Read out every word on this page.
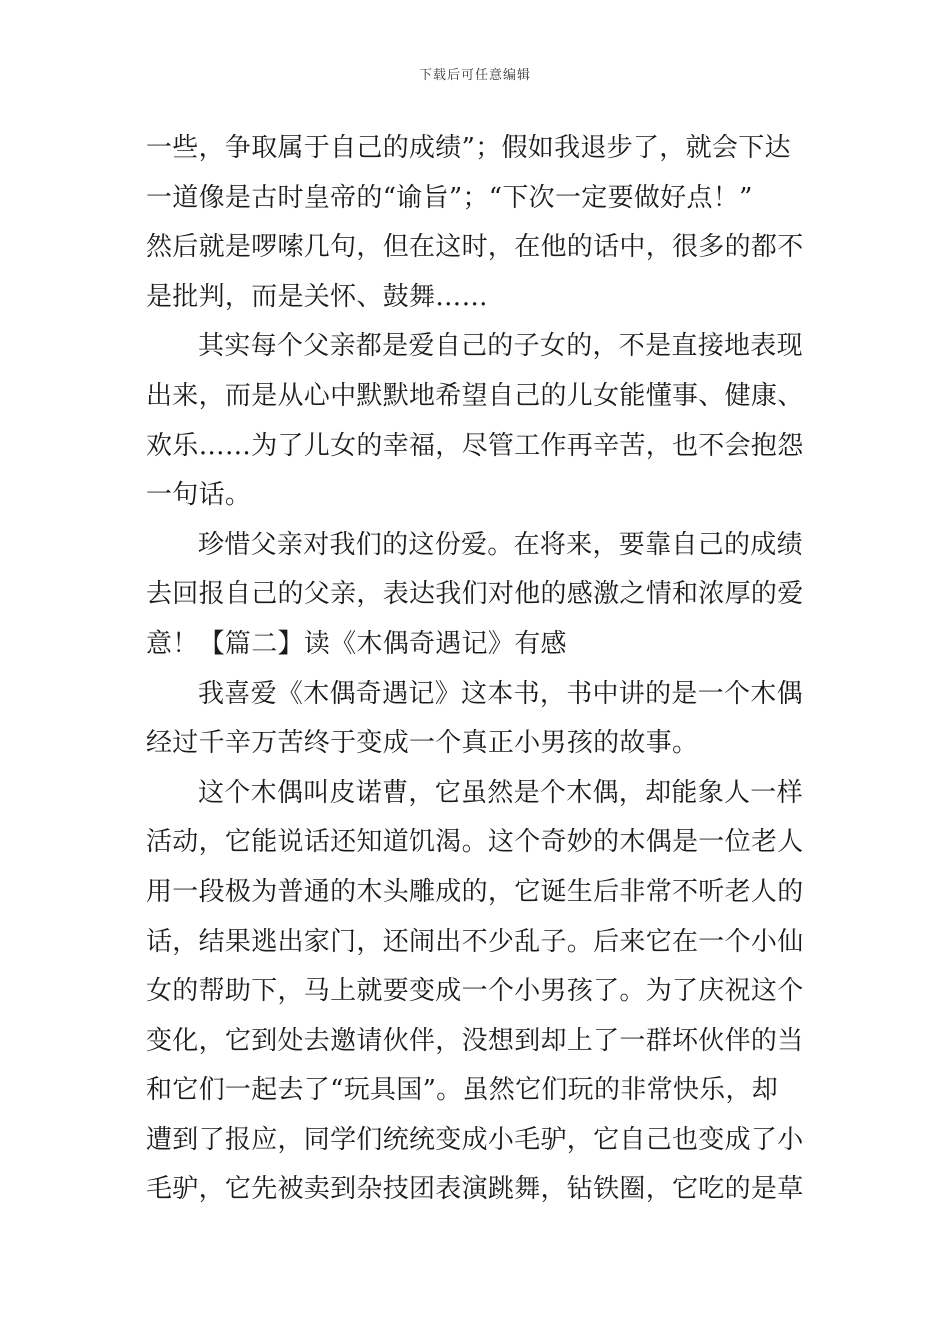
下载后可任意编辑
一些，争取属于自己的成绩”；假如我退步了，就会下达
一道像是古时皇帝的“谕旨”；“下次一定要做好点！”
然后就是啰嗦几句，但在这时，在他的话中，很多的都不
是批判，而是关怀、鼓舞……
其实每个父亲都是爱自己的子女的，不是直接地表现
出来，而是从心中默默地希望自己的儿女能懂事、健康、
欢乐……为了儿女的幸福，尽管工作再辛苦，也不会抱怨
一句话。
珍惜父亲对我们的这份爱。在将来，要靠自己的成绩
去回报自己的父亲，表达我们对他的感激之情和浓厚的爱
意！【篇二】读《木偶奇遇记》有感
我喜爱《木偶奇遇记》这本书，书中讲的是一个木偶
经过千辛万苦终于变成一个真正小男孩的故事。
这个木偶叫皮诺曹，它虽然是个木偶，却能象人一样
活动，它能说话还知道饥渴。这个奇妙的木偶是一位老人
用一段极为普通的木头雕成的，它诞生后非常不听老人的
话，结果逃出家门，还闹出不少乱子。后来它在一个小仙
女的帮助下，马上就要变成一个小男孩了。为了庆祝这个
变化，它到处去邀请伙伴，没想到却上了一群坏伙伴的当
和它们一起去了“玩具国”。虽然它们玩的非常快乐，却
遭到了报应，同学们统统变成小毛驴，它自己也变成了小
毛驴，它先被卖到杂技团表演跳舞，钻铁圈，它吃的是草
